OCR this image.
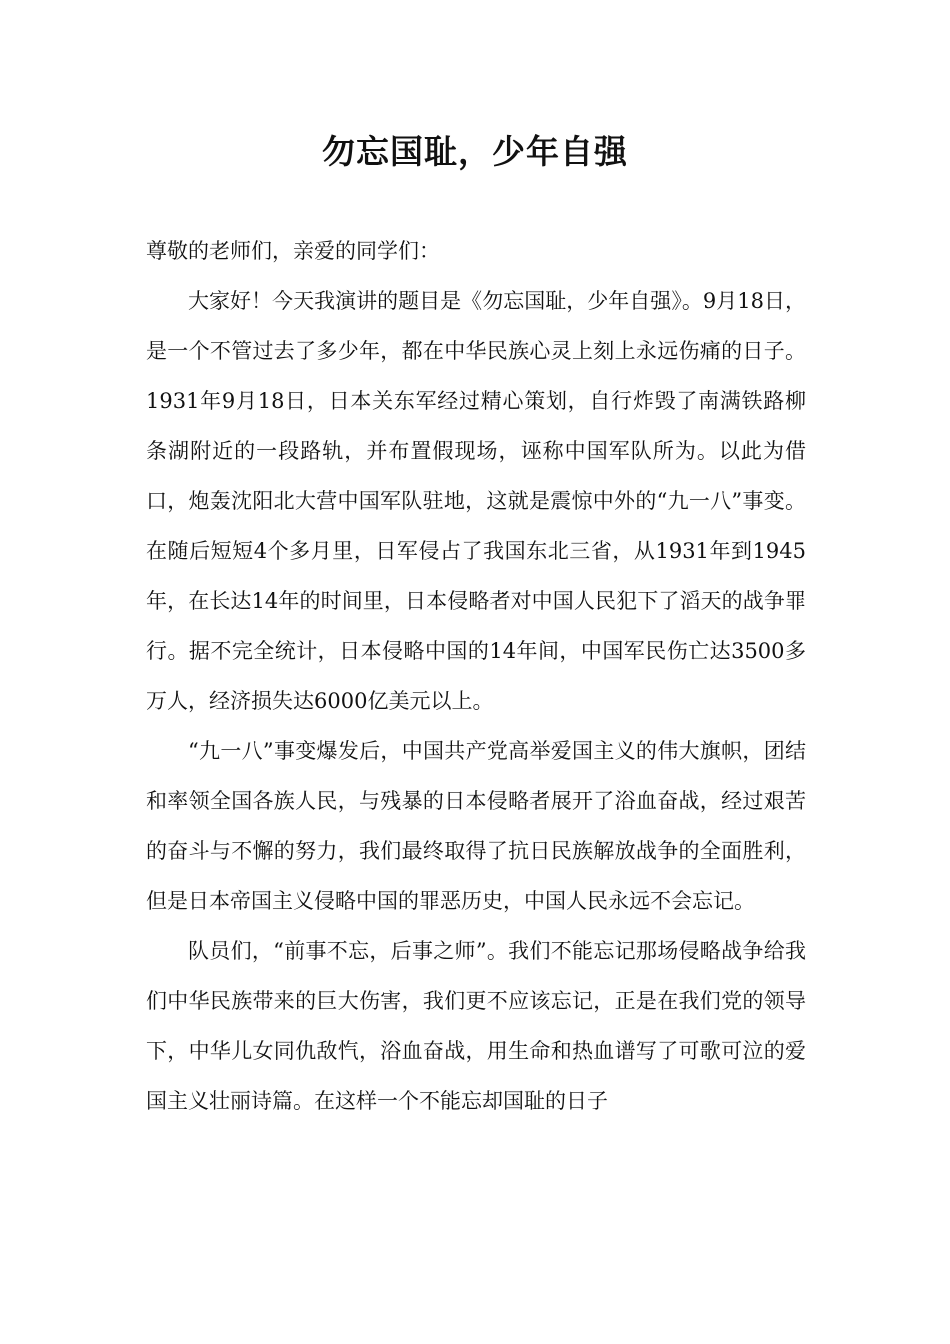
勿忘国耻，少年自强

尊敬的老师们，亲爱的同学们：

大家好！今天我演讲的题目是《勿忘国耻，少年自强》。9月18日，是一个不管过去了多少年，都在中华民族心灵上刻上永远伤痛的日子。1931年9月18日，日本关东军经过精心策划，自行炸毁了南满铁路柳条湖附近的一段路轨，并布置假现场，诬称中国军队所为。以此为借口，炮轰沈阳北大营中国军队驻地，这就是震惊中外的“九一八”事变。在随后短短4个多月里，日军侵占了我国东北三省，从1931年到1945年，在长达14年的时间里，日本侵略者对中国人民犯下了滔天的战争罪行。据不完全统计，日本侵略中国的14年间，中国军民伤亡达3500多万人，经济损失达6000亿美元以上。

“九一八”事变爆发后，中国共产党高举爱国主义的伟大旗帜，团结和率领全国各族人民，与残暴的日本侵略者展开了浴血奋战，经过艰苦的奋斗与不懈的努力，我们最终取得了抗日民族解放战争的全面胜利，但是日本帝国主义侵略中国的罪恶历史，中国人民永远不会忘记。

队员们，“前事不忘，后事之师”。我们不能忘记那场侵略战争给我们中华民族带来的巨大伤害，我们更不应该忘记，正是在我们党的领导下，中华儿女同仇敌忾，浴血奋战，用生命和热血谱写了可歌可泣的爱国主义壮丽诗篇。在这样一个不能忘却国耻的日子
